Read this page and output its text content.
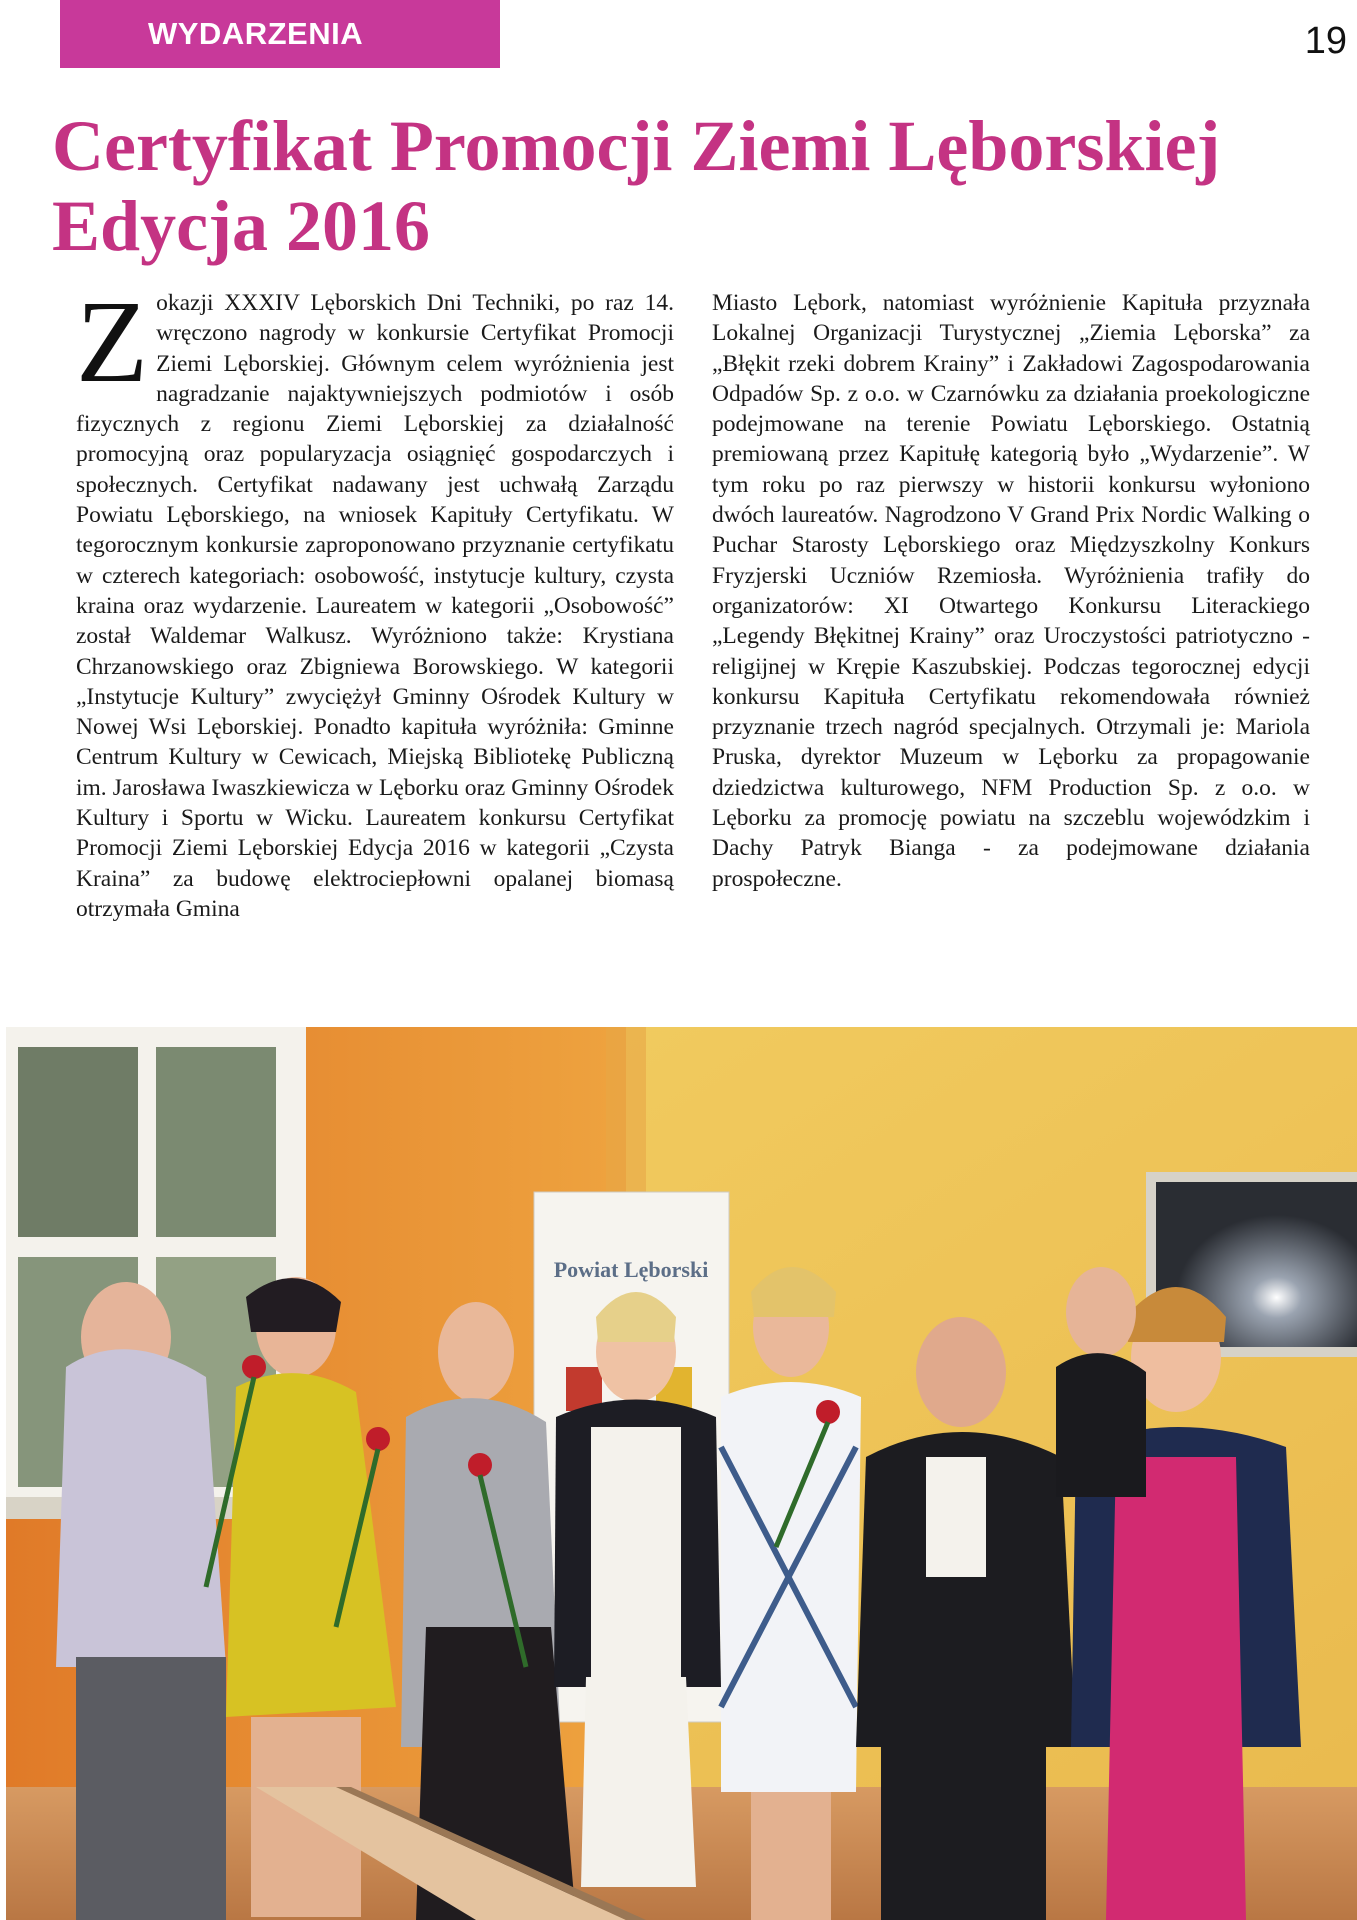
WYDARZENIA	19
Certyfikat Promocji Ziemi Lęborskiej Edycja 2016
Zokazji XXXIV Lęborskich Dni Techniki, po raz 14. wręczono nagrody w konkursie Certyfikat Promocji Ziemi Lęborskiej. Głównym celem wyróżnienia jest nagradzanie najaktywniejszych podmiotów i osób fizycznych z regionu Ziemi Lęborskiej za działalność promocyjną oraz popularyzacja osiągnięć gospodarczych i społecznych. Certyfikat nadawany jest uchwałą Zarządu Powiatu Lęborskiego, na wniosek Kapituły Certyfikatu. W tegorocznym konkursie zaproponowano przyznanie certyfikatu w czterech kategoriach: osobowość, instytucje kultury, czysta kraina oraz wydarzenie. Laureatem w kategorii „Osobowość” został Waldemar Walkusz. Wyróżniono także: Krystiana Chrzanowskiego oraz Zbigniewa Borowskiego. W kategorii „Instytucje Kultury” zwyciężył Gminny Ośrodek Kultury w Nowej Wsi Lęborskiej. Ponadto kapituła wyróżniła: Gminne Centrum Kultury w Cewicach, Miejską Bibliotekę Publiczną im. Jarosława Iwaszkiewicza w Lęborku oraz Gminny Ośrodek Kultury i Sportu w Wicku. Laureatem konkursu Certyfikat Promocji Ziemi Lęborskiej Edycja 2016 w kategorii „Czysta Kraina” za budowę elektrociepłowni opalanej biomasą otrzymała Gmina
Miasto Lębork, natomiast wyróżnienie Kapituła przyznała Lokalnej Organizacji Turystycznej „Ziemia Lęborska” za „Błękit rzeki dobrem Krainy” i Zakładowi Zagospodarowania Odpadów Sp. z o.o. w Czarnówku za działania proekologiczne podejmowane na terenie Powiatu Lęborskiego. Ostatnią premiowaną przez Kapitułę kategorią było „Wydarzenie”. W tym roku po raz pierwszy w historii konkursu wyłoniono dwóch laureatów. Nagrodzono V Grand Prix Nordic Walking o Puchar Starosty Lęborskiego oraz Międzyszkolny Konkurs Fryzjerski Uczniów Rzemiosła. Wyróżnienia trafiły do organizatorów: XI Otwartego Konkursu Literackiego „Legendy Błękitnej Krainy” oraz Uroczystości patriotyczno - religijnej w Krępie Kaszubskiej. Podczas tegorocznej edycji konkursu Kapituła Certyfikatu rekomendowała również przyznanie trzech nagród specjalnych. Otrzymali je: Mariola Pruska, dyrektor Muzeum w Lęborku za propagowanie dziedzictwa kulturowego, NFM Production Sp. z o.o. w Lęborku za promocję powiatu na szczeblu wojewódzkim i Dachy Patryk Bianga - za podejmowane działania prospołeczne.
Powiat Lęborski
